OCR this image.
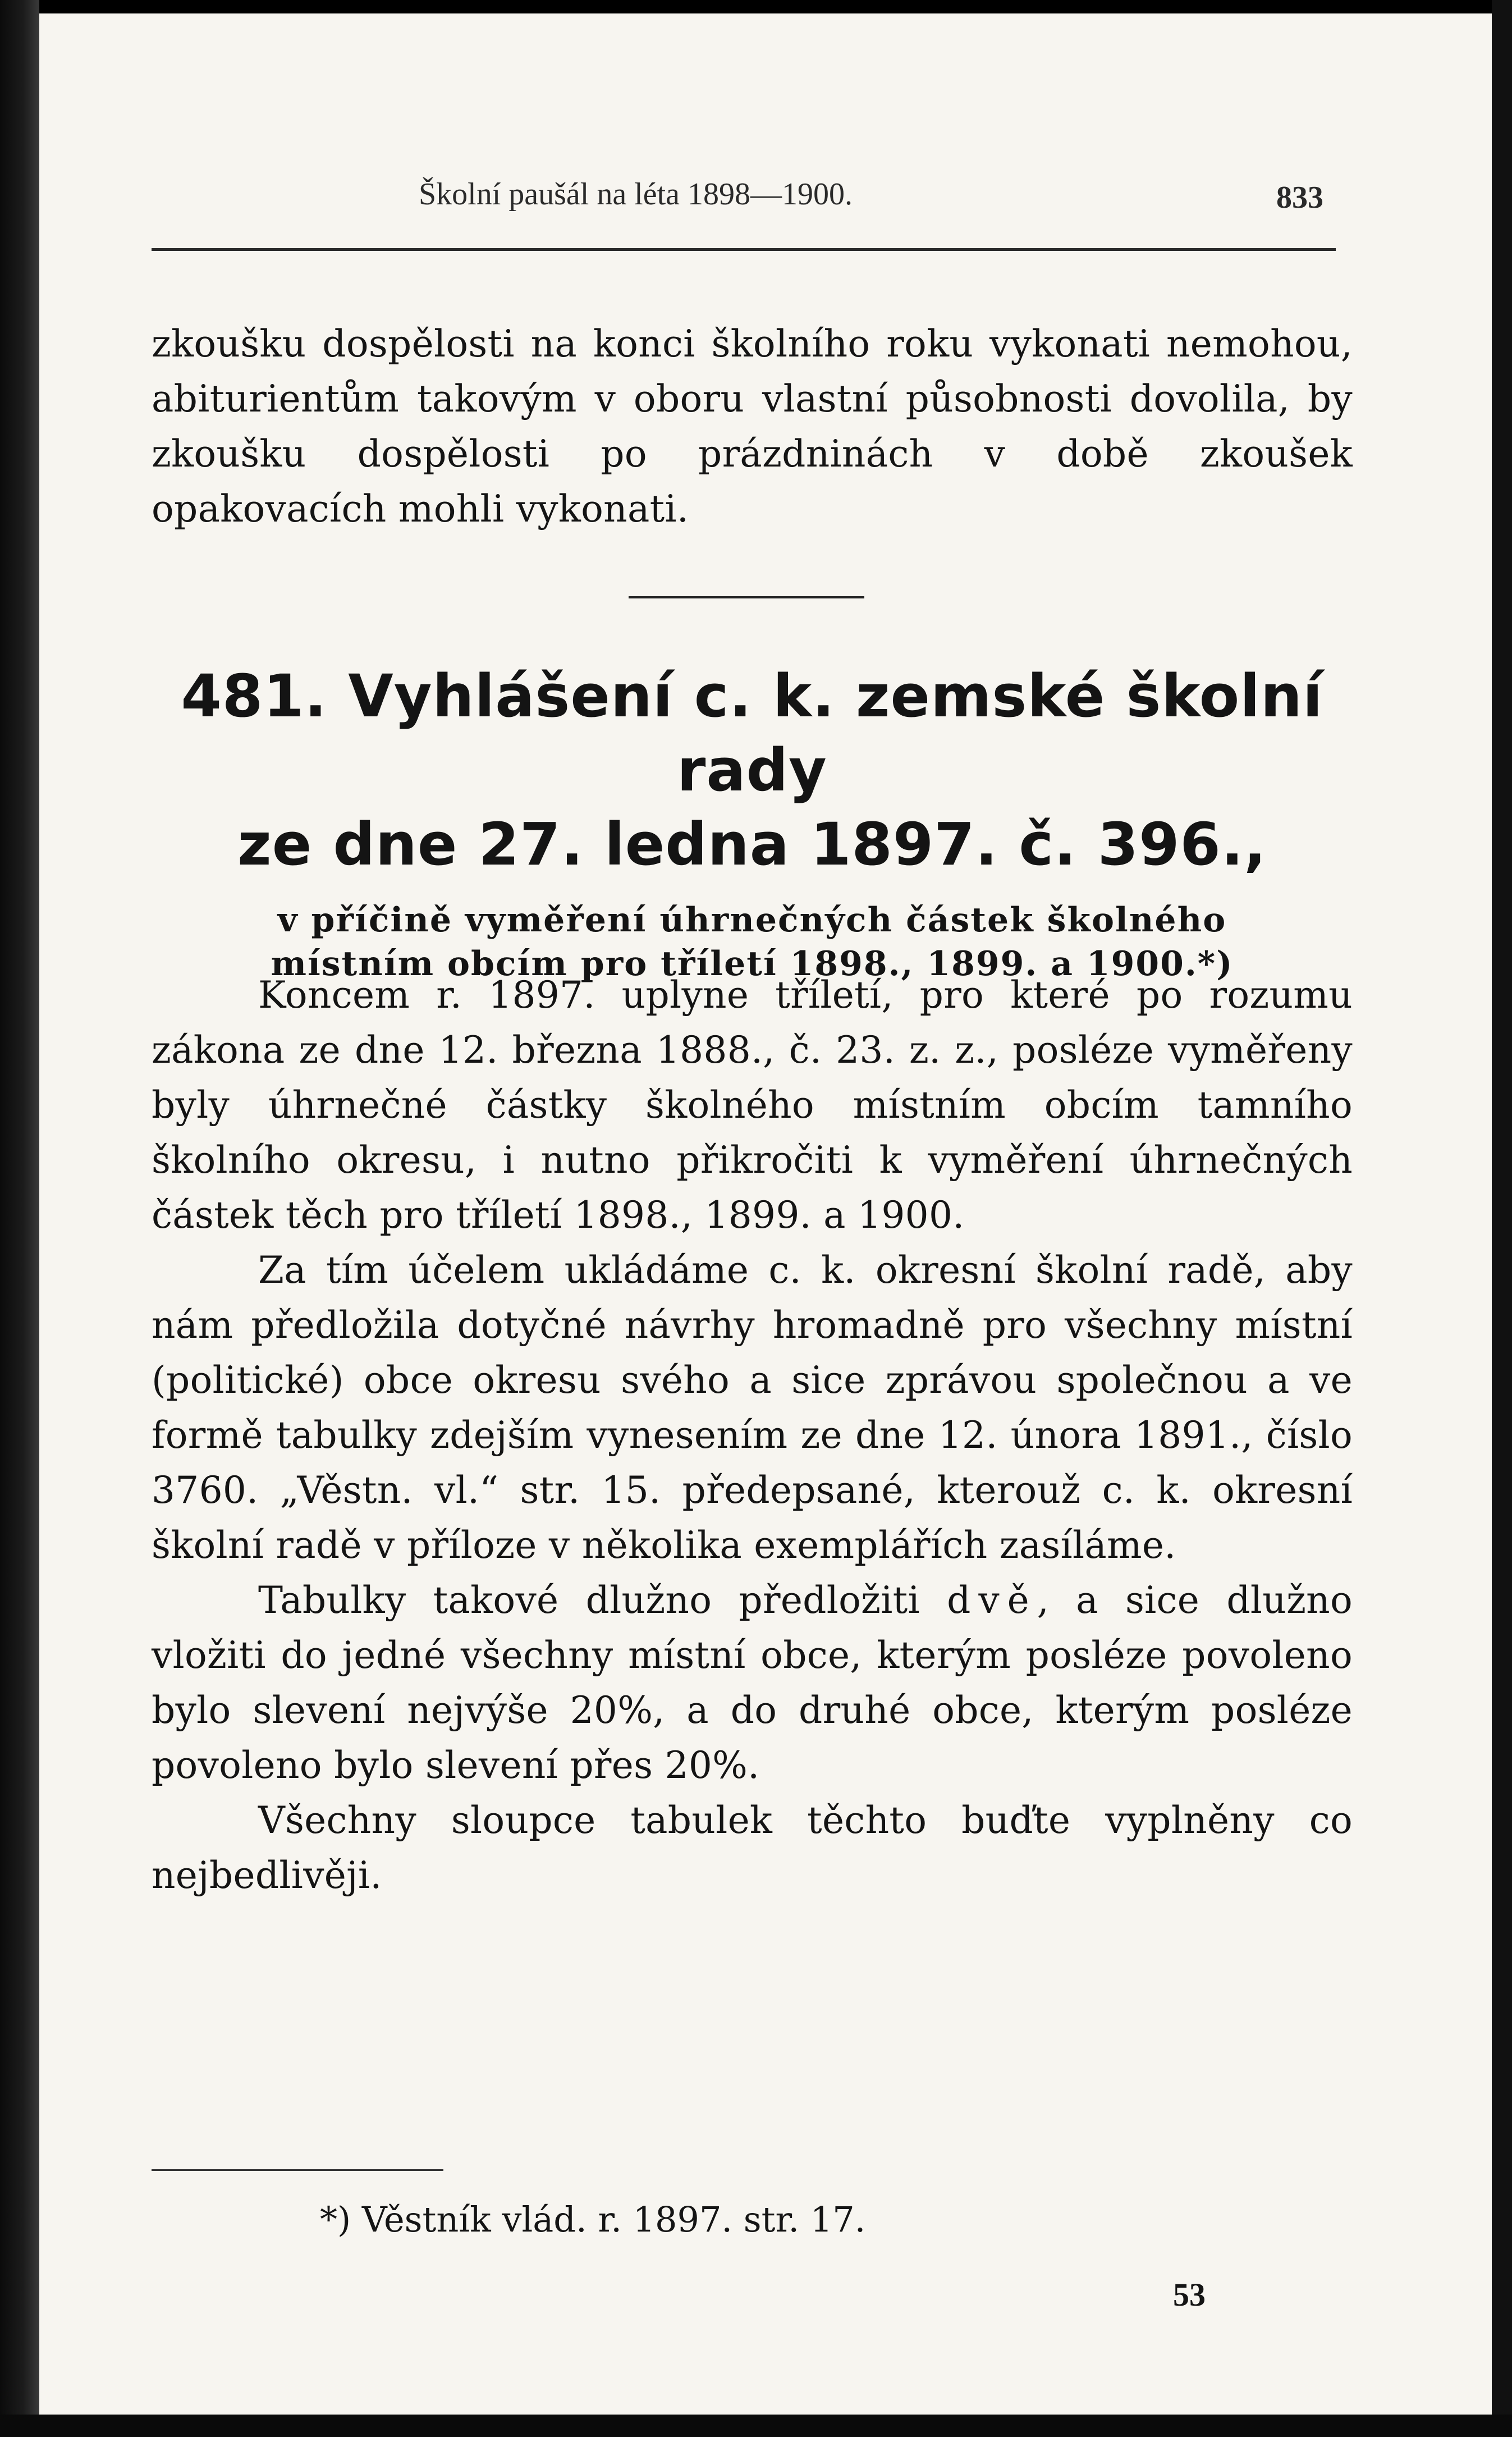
Školní paušál na léta 1898—1900.	833
zkoušku dospělosti na konci školního roku vykonati nemohou, abiturientům takovým v oboru vlastní působnosti dovolila, by zkoušku dospělosti po prázdninách v době zkoušek opakovacích mohli vykonati.

481. Vyhlášení c. k. zemské školní rady

ze dne 27. ledna 1897. č. 396.,

v příčině vyměření úhrnečných částek školného

místním obcím pro tříletí 1898., 1899. a 1900.*)

Koncem r. 1897. uplyne tříletí, pro které po rozumu zákona ze dne 12. března 1888., č. 23. z. z., posléze vyměřeny byly úhrnečné částky školného místním obcím tamního školního okresu, i nutno přikročiti k vyměření úhrnečných částek těch pro tříletí 1898., 1899. a 1900.

Za tím účelem ukládáme c. k. okresní školní radě, aby nám předložila dotyčné návrhy hromadně pro všechny místní (politické) obce okresu svého a sice zprávou společnou a ve formě tabulky zdejším vynesením ze dne 12. února 1891., číslo 3760. „Věstn. vl.“ str. 15. předepsané, kterouž c. k. okresní školní radě v příloze v několika exemplářích zasíláme.

Tabulky takové dlužno předložiti dvě, a sice dlužno vložiti do jedné všechny místní obce, kterým posléze povoleno bylo slevení nejvýše 20%, a do druhé obce, kterým posléze povoleno bylo slevení přes 20%.

Všechny sloupce tabulek těchto buďte vyplněny co nejbedlivěji.

*) Věstník vlád. r. 1897. str. 17.
53
